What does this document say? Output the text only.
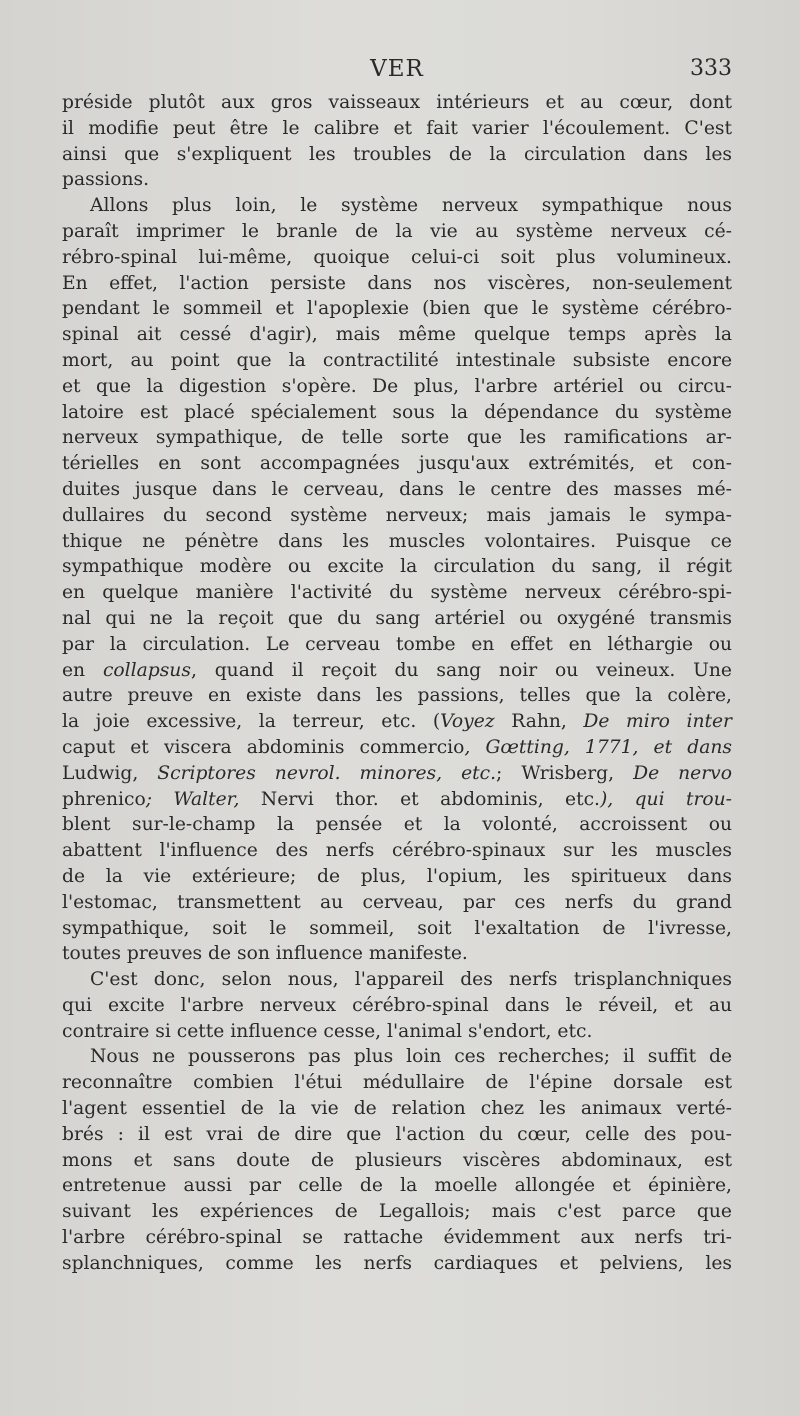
VER	333
préside plutôt aux gros vaisseaux intérieurs et au cœur, dont
il modifie peut être le calibre et fait varier l'écoulement. C'est
ainsi que s'expliquent les troubles de la circulation dans les
passions.
Allons plus loin, le système nerveux sympathique nous
paraît imprimer le branle de la vie au système nerveux cé-
rébro-spinal lui-même, quoique celui-ci soit plus volumineux.
En effet, l'action persiste dans nos viscères, non-seulement
pendant le sommeil et l'apoplexie (bien que le système cérébro-
spinal ait cessé d'agir), mais même quelque temps après la
mort, au point que la contractilité intestinale subsiste encore
et que la digestion s'opère. De plus, l'arbre artériel ou circu-
latoire est placé spécialement sous la dépendance du système
nerveux sympathique, de telle sorte que les ramifications ar-
térielles en sont accompagnées jusqu'aux extrémités, et con-
duites jusque dans le cerveau, dans le centre des masses mé-
dullaires du second système nerveux; mais jamais le sympa-
thique ne pénètre dans les muscles volontaires. Puisque ce
sympathique modère ou excite la circulation du sang, il régit
en quelque manière l'activité du système nerveux cérébro-spi-
nal qui ne la reçoit que du sang artériel ou oxygéné transmis
par la circulation. Le cerveau tombe en effet en léthargie ou
en collapsus, quand il reçoit du sang noir ou veineux. Une
autre preuve en existe dans les passions, telles que la colère,
la joie excessive, la terreur, etc. (Voyez Rahn, De miro inter
caput et viscera abdominis commercio, Gœtting, 1771, et dans
Ludwig, Scriptores nevrol. minores, etc.; Wrisberg, De nervo
phrenico; Walter, Nervi thor. et abdominis, etc.), qui trou-
blent sur-le-champ la pensée et la volonté, accroissent ou
abattent l'influence des nerfs cérébro-spinaux sur les muscles
de la vie extérieure; de plus, l'opium, les spiritueux dans
l'estomac, transmettent au cerveau, par ces nerfs du grand
sympathique, soit le sommeil, soit l'exaltation de l'ivresse,
toutes preuves de son influence manifeste.
C'est donc, selon nous, l'appareil des nerfs trisplanchniques
qui excite l'arbre nerveux cérébro-spinal dans le réveil, et au
contraire si cette influence cesse, l'animal s'endort, etc.
Nous ne pousserons pas plus loin ces recherches; il suffit de
reconnaître combien l'étui médullaire de l'épine dorsale est
l'agent essentiel de la vie de relation chez les animaux verté-
brés : il est vrai de dire que l'action du cœur, celle des pou-
mons et sans doute de plusieurs viscères abdominaux, est
entretenue aussi par celle de la moelle allongée et épinière,
suivant les expériences de Legallois; mais c'est parce que
l'arbre cérébro-spinal se rattache évidemment aux nerfs tri-
splanchniques, comme les nerfs cardiaques et pelviens, les
